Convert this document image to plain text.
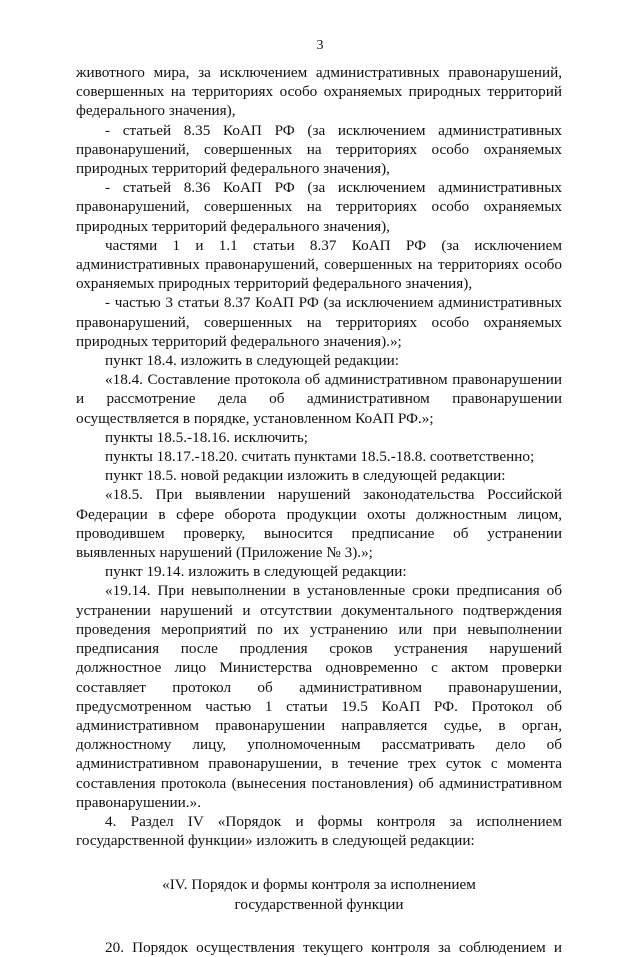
3

животного мира, за исключением административных правонарушений, совершенных на территориях особо охраняемых природных территорий федерального значения),

- статьей 8.35 КоАП РФ (за исключением административных правонарушений, совершенных на территориях особо охраняемых природных территорий федерального значения),

- статьей 8.36 КоАП РФ (за исключением административных правонарушений, совершенных на территориях особо охраняемых природных территорий федерального значения),

частями 1 и 1.1 статьи 8.37 КоАП РФ (за исключением административных правонарушений, совершенных на территориях особо охраняемых природных территорий федерального значения),

- частью 3 статьи 8.37 КоАП РФ (за исключением административных правонарушений, совершенных на территориях особо охраняемых природных территорий федерального значения).»;

пункт 18.4. изложить в следующей редакции:

«18.4. Составление протокола об административном правонарушении и рассмотрение дела об административном правонарушении осуществляется в порядке, установленном КоАП РФ.»;

пункты 18.5.-18.16. исключить;

пункты 18.17.-18.20. считать пунктами 18.5.-18.8. соответственно;

пункт 18.5. новой редакции изложить в следующей редакции:

«18.5. При выявлении нарушений законодательства Российской Федерации в сфере оборота продукции охоты должностным лицом, проводившем проверку, выносится предписание об устранении выявленных нарушений (Приложение № 3).»;

пункт 19.14. изложить в следующей редакции:

«19.14. При невыполнении в установленные сроки предписания об устранении нарушений и отсутствии документального подтверждения проведения мероприятий по их устранению или при невыполнении предписания после продления сроков устранения нарушений должностное лицо Министерства одновременно с актом проверки составляет протокол об административном правонарушении, предусмотренном частью 1 статьи 19.5 КоАП РФ. Протокол об административном правонарушении направляется судье, в орган, должностному лицу, уполномоченным рассматривать дело об административном правонарушении, в течение трех суток с момента составления протокола (вынесения постановления) об административном правонарушении.».

4. Раздел IV «Порядок и формы контроля за исполнением государственной функции» изложить в следующей редакции:

«IV. Порядок и формы контроля за исполнением
государственной функции

20. Порядок осуществления текущего контроля за соблюдением и
